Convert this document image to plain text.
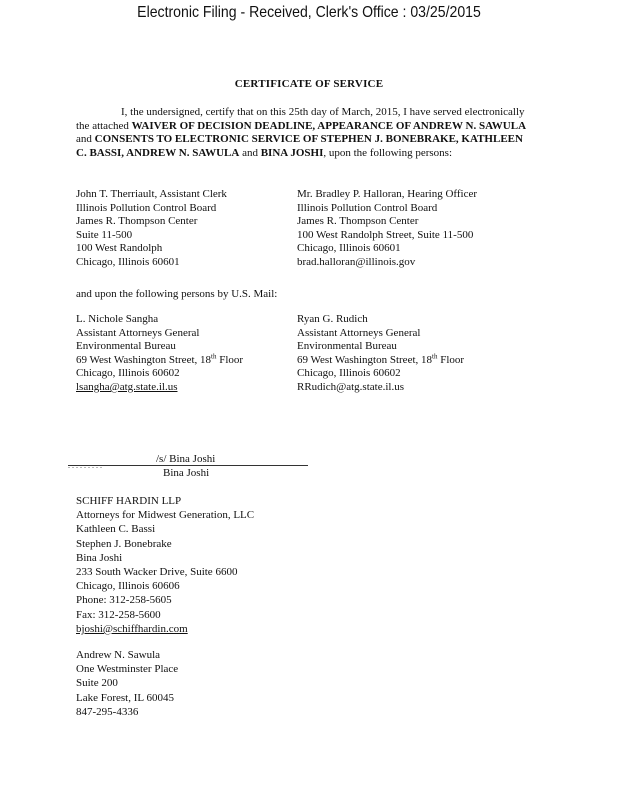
Electronic Filing - Received, Clerk's Office : 03/25/2015
CERTIFICATE OF SERVICE

I, the undersigned, certify that on this 25th day of March, 2015, I have served electronically the attached WAIVER OF DECISION DEADLINE, APPEARANCE OF ANDREW N. SAWULA and CONSENTS TO ELECTRONIC SERVICE OF STEPHEN J. BONEBRAKE, KATHLEEN C. BASSI, ANDREW N. SAWULA and BINA JOSHI, upon the following persons:

John T. Therriault, Assistant Clerk
Illinois Pollution Control Board
James R. Thompson Center
Suite 11-500
100 West Randolph
Chicago, Illinois 60601
Mr. Bradley P. Halloran, Hearing Officer
Illinois Pollution Control Board
James R. Thompson Center
100 West Randolph Street, Suite 11-500
Chicago, Illinois 60601
brad.halloran@illinois.gov
and upon the following persons by U.S. Mail:
L. Nichole Sangha
Assistant Attorneys General
Environmental Bureau
69 West Washington Street, 18th Floor
Chicago, Illinois 60602
lsangha@atg.state.il.us
Ryan G. Rudich
Assistant Attorneys General
Environmental Bureau
69 West Washington Street, 18th Floor
Chicago, Illinois 60602
RRudich@atg.state.il.us
/s/ Bina Joshi
.........
Bina Joshi
SCHIFF HARDIN LLP
Attorneys for Midwest Generation, LLC
Kathleen C. Bassi
Stephen J. Bonebrake
Bina Joshi
233 South Wacker Drive, Suite 6600
Chicago, Illinois 60606
Phone: 312-258-5605
Fax: 312-258-5600
bjoshi@schiffhardin.com
Andrew N. Sawula
One Westminster Place
Suite 200
Lake Forest, IL 60045
847-295-4336
